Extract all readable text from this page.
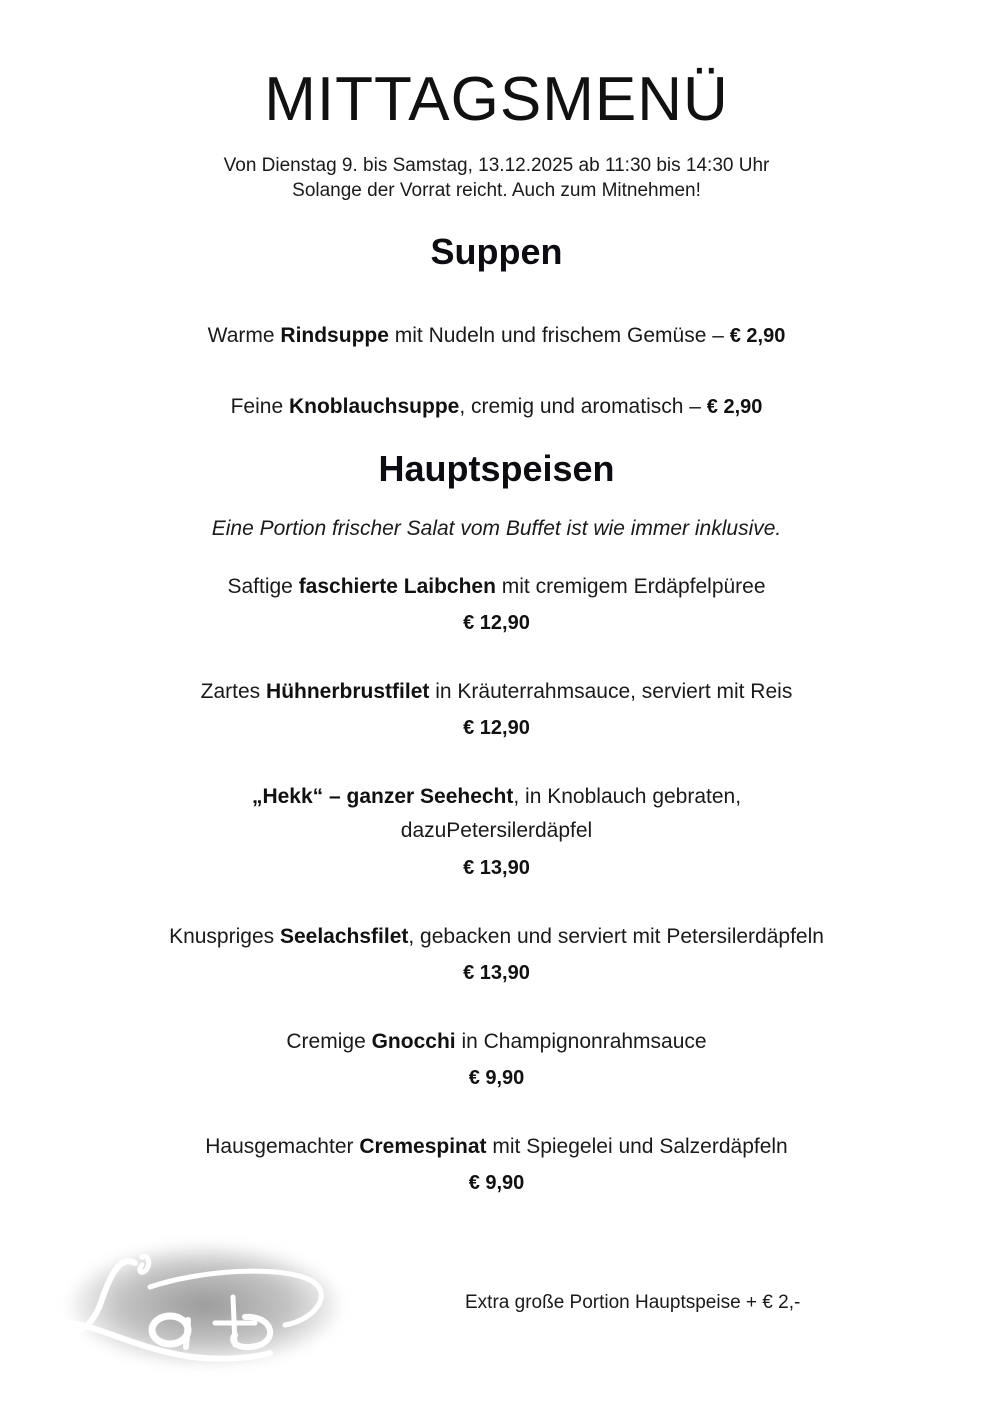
MITTAGSMENÜ
Von Dienstag 9. bis Samstag, 13.12.2025 ab 11:30 bis 14:30 Uhr
Solange der Vorrat reicht. Auch zum Mitnehmen!
Suppen
Warme Rindsuppe mit Nudeln und frischem Gemüse – € 2,90
Feine Knoblauchsuppe, cremig und aromatisch – € 2,90
Hauptspeisen
Eine Portion frischer Salat vom Buffet ist wie immer inklusive.
Saftige faschierte Laibchen mit cremigem Erdäpfelpüree
€ 12,90
Zartes Hühnerbrustfilet in Kräuterrahmsauce, serviert mit Reis
€ 12,90
„Hekk“ – ganzer Seehecht, in Knoblauch gebraten,
dazuPetersilerdäpfel
€ 13,90
Knuspriges Seelachsfilet, gebacken und serviert mit Petersilerdäpfeln
€ 13,90
Cremige Gnocchi in Champignonrahmsauce
€ 9,90
Hausgemachter Cremespinat mit Spiegelei und Salzerdäpfeln
€ 9,90
Extra große Portion Hauptspeise + € 2,-
